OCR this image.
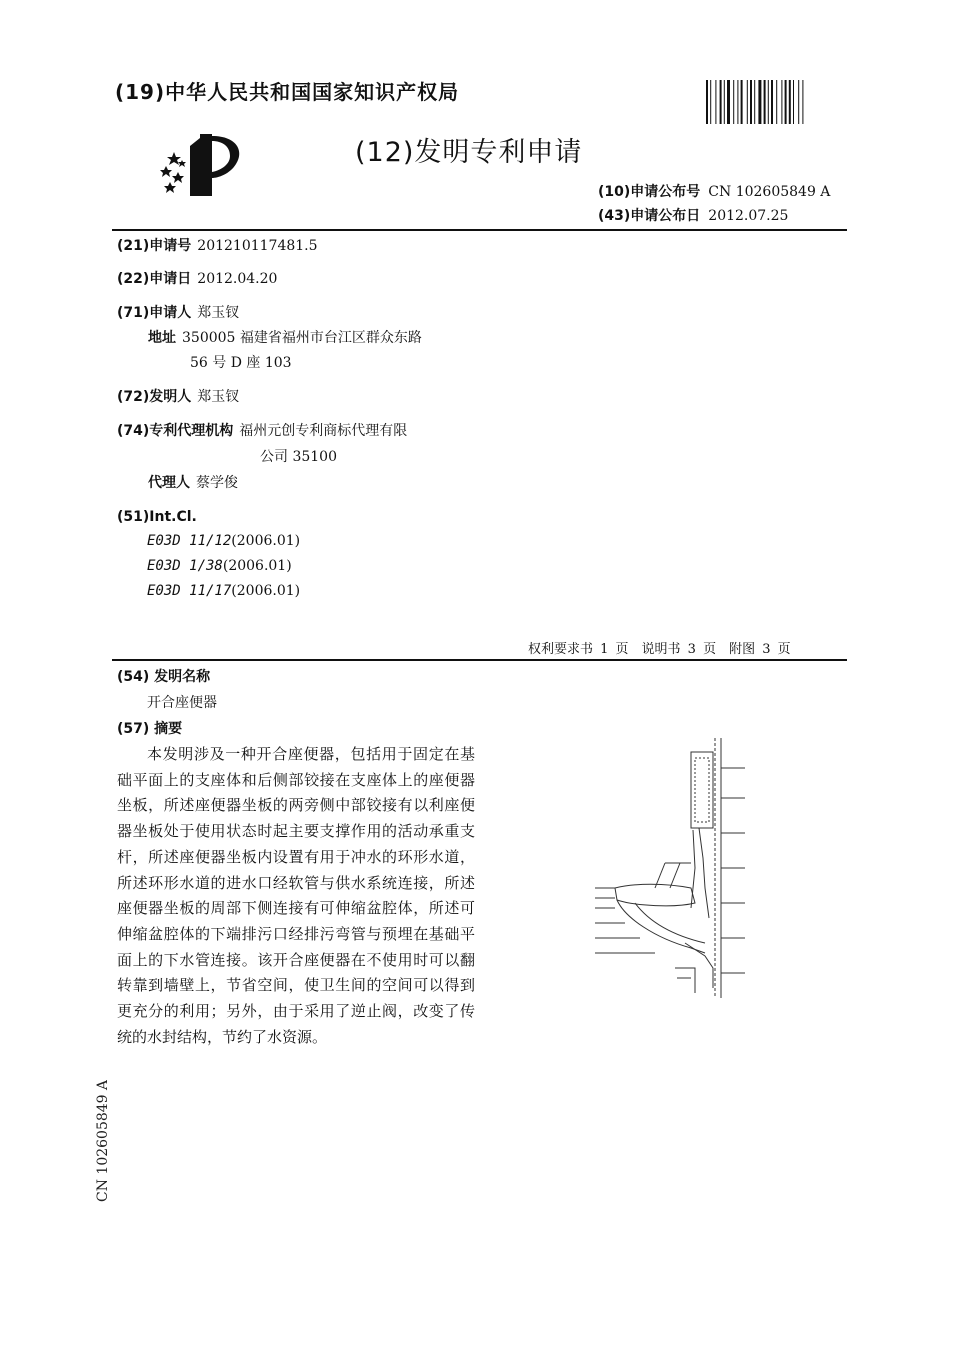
(19)中华人民共和国国家知识产权局
(12)发明专利申请
(10)申请公布号 CN 102605849 A
(43)申请公布日 2012.07.25
(21)申请号 201210117481.5
(22)申请日 2012.04.20
(71)申请人 郑玉钗
地址 350005 福建省福州市台江区群众东路
56 号 D 座 103
(72)发明人 郑玉钗
(74)专利代理机构 福州元创专利商标代理有限
公司 35100
代理人 蔡学俊
(51)Int.Cl.
E03D 11/12(2006.01)
E03D 1/38(2006.01)
E03D 11/17(2006.01)
权利要求书 1 页　说明书 3 页　附图 3 页
(54) 发明名称
开合座便器
(57) 摘要
本发明涉及一种开合座便器，包括用于固定在基础平面上的支座体和后侧部铰接在支座体上的座便器坐板，所述座便器坐板的两旁侧中部铰接有以利座便器坐板处于使用状态时起主要支撑作用的活动承重支杆，所述座便器坐板内设置有用于冲水的环形水道，所述环形水道的进水口经软管与供水系统连接，所述座便器坐板的周部下侧连接有可伸缩盆腔体，所述可伸缩盆腔体的下端排污口经排污弯管与预埋在基础平面上的下水管连接。该开合座便器在不使用时可以翻转靠到墙壁上，节省空间，使卫生间的空间可以得到更充分的利用；另外，由于采用了逆止阀，改变了传统的水封结构，节约了水资源。
CN 102605849 A
